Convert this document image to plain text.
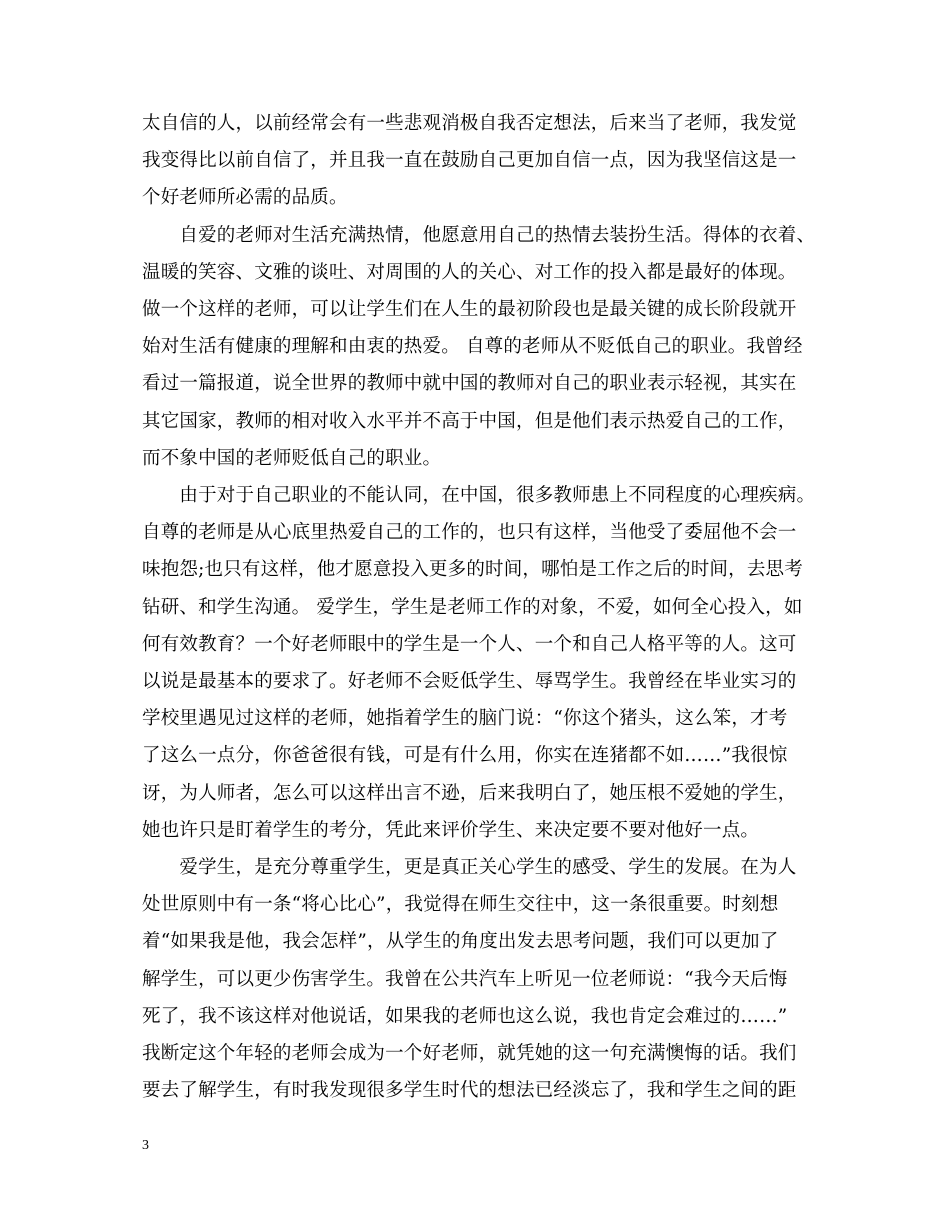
太自信的人，以前经常会有一些悲观消极自我否定想法，后来当了老师，我发觉
我变得比以前自信了，并且我一直在鼓励自己更加自信一点，因为我坚信这是一
个好老师所必需的品质。
　　自爱的老师对生活充满热情，他愿意用自己的热情去装扮生活。得体的衣着、
温暖的笑容、文雅的谈吐、对周围的人的关心、对工作的投入都是最好的体现。
做一个这样的老师，可以让学生们在人生的最初阶段也是最关键的成长阶段就开
始对生活有健康的理解和由衷的热爱。 自尊的老师从不贬低自己的职业。我曾经
看过一篇报道，说全世界的教师中就中国的教师对自己的职业表示轻视，其实在
其它国家，教师的相对收入水平并不高于中国，但是他们表示热爱自己的工作，
而不象中国的老师贬低自己的职业。
　　由于对于自己职业的不能认同，在中国，很多教师患上不同程度的心理疾病。
自尊的老师是从心底里热爱自己的工作的，也只有这样，当他受了委屈他不会一
味抱怨;也只有这样，他才愿意投入更多的时间，哪怕是工作之后的时间，去思考
钻研、和学生沟通。 爱学生，学生是老师工作的对象，不爱，如何全心投入，如
何有效教育？一个好老师眼中的学生是一个人、一个和自己人格平等的人。这可
以说是最基本的要求了。好老师不会贬低学生、辱骂学生。我曾经在毕业实习的
学校里遇见过这样的老师，她指着学生的脑门说：“你这个猪头，这么笨，才考
了这么一点分，你爸爸很有钱，可是有什么用，你实在连猪都不如……”我很惊
讶，为人师者，怎么可以这样出言不逊，后来我明白了，她压根不爱她的学生，
她也许只是盯着学生的考分，凭此来评价学生、来决定要不要对他好一点。
　　爱学生，是充分尊重学生，更是真正关心学生的感受、学生的发展。在为人
处世原则中有一条“将心比心”，我觉得在师生交往中，这一条很重要。时刻想
着“如果我是他，我会怎样”，从学生的角度出发去思考问题，我们可以更加了
解学生，可以更少伤害学生。我曾在公共汽车上听见一位老师说：“我今天后悔
死了，我不该这样对他说话，如果我的老师也这么说，我也肯定会难过的……”
我断定这个年轻的老师会成为一个好老师，就凭她的这一句充满懊悔的话。我们
要去了解学生，有时我发现很多学生时代的想法已经淡忘了，我和学生之间的距
3
